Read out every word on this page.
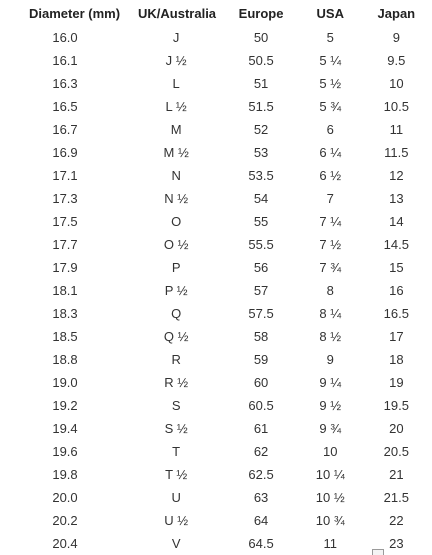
Diameter (mm)	UK/Australia	Europe	USA	Japan
16.0	J	50	5	9
16.1	J ½	50.5	5 ¼	9.5
16.3	L	51	5 ½	10
16.5	L ½	51.5	5 ¾	10.5
16.7	M	52	6	11
16.9	M ½	53	6 ¼	11.5
17.1	N	53.5	6 ½	12
17.3	N ½	54	7	13
17.5	O	55	7 ¼	14
17.7	O ½	55.5	7 ½	14.5
17.9	P	56	7 ¾	15
18.1	P ½	57	8	16
18.3	Q	57.5	8 ¼	16.5
18.5	Q ½	58	8 ½	17
18.8	R	59	9	18
19.0	R ½	60	9 ¼	19
19.2	S	60.5	9 ½	19.5
19.4	S ½	61	9 ¾	20
19.6	T	62	10	20.5
19.8	T ½	62.5	10 ¼	21
20.0	U	63	10 ½	21.5
20.2	U ½	64	10 ¾	22
20.4	V	64.5	11	23
